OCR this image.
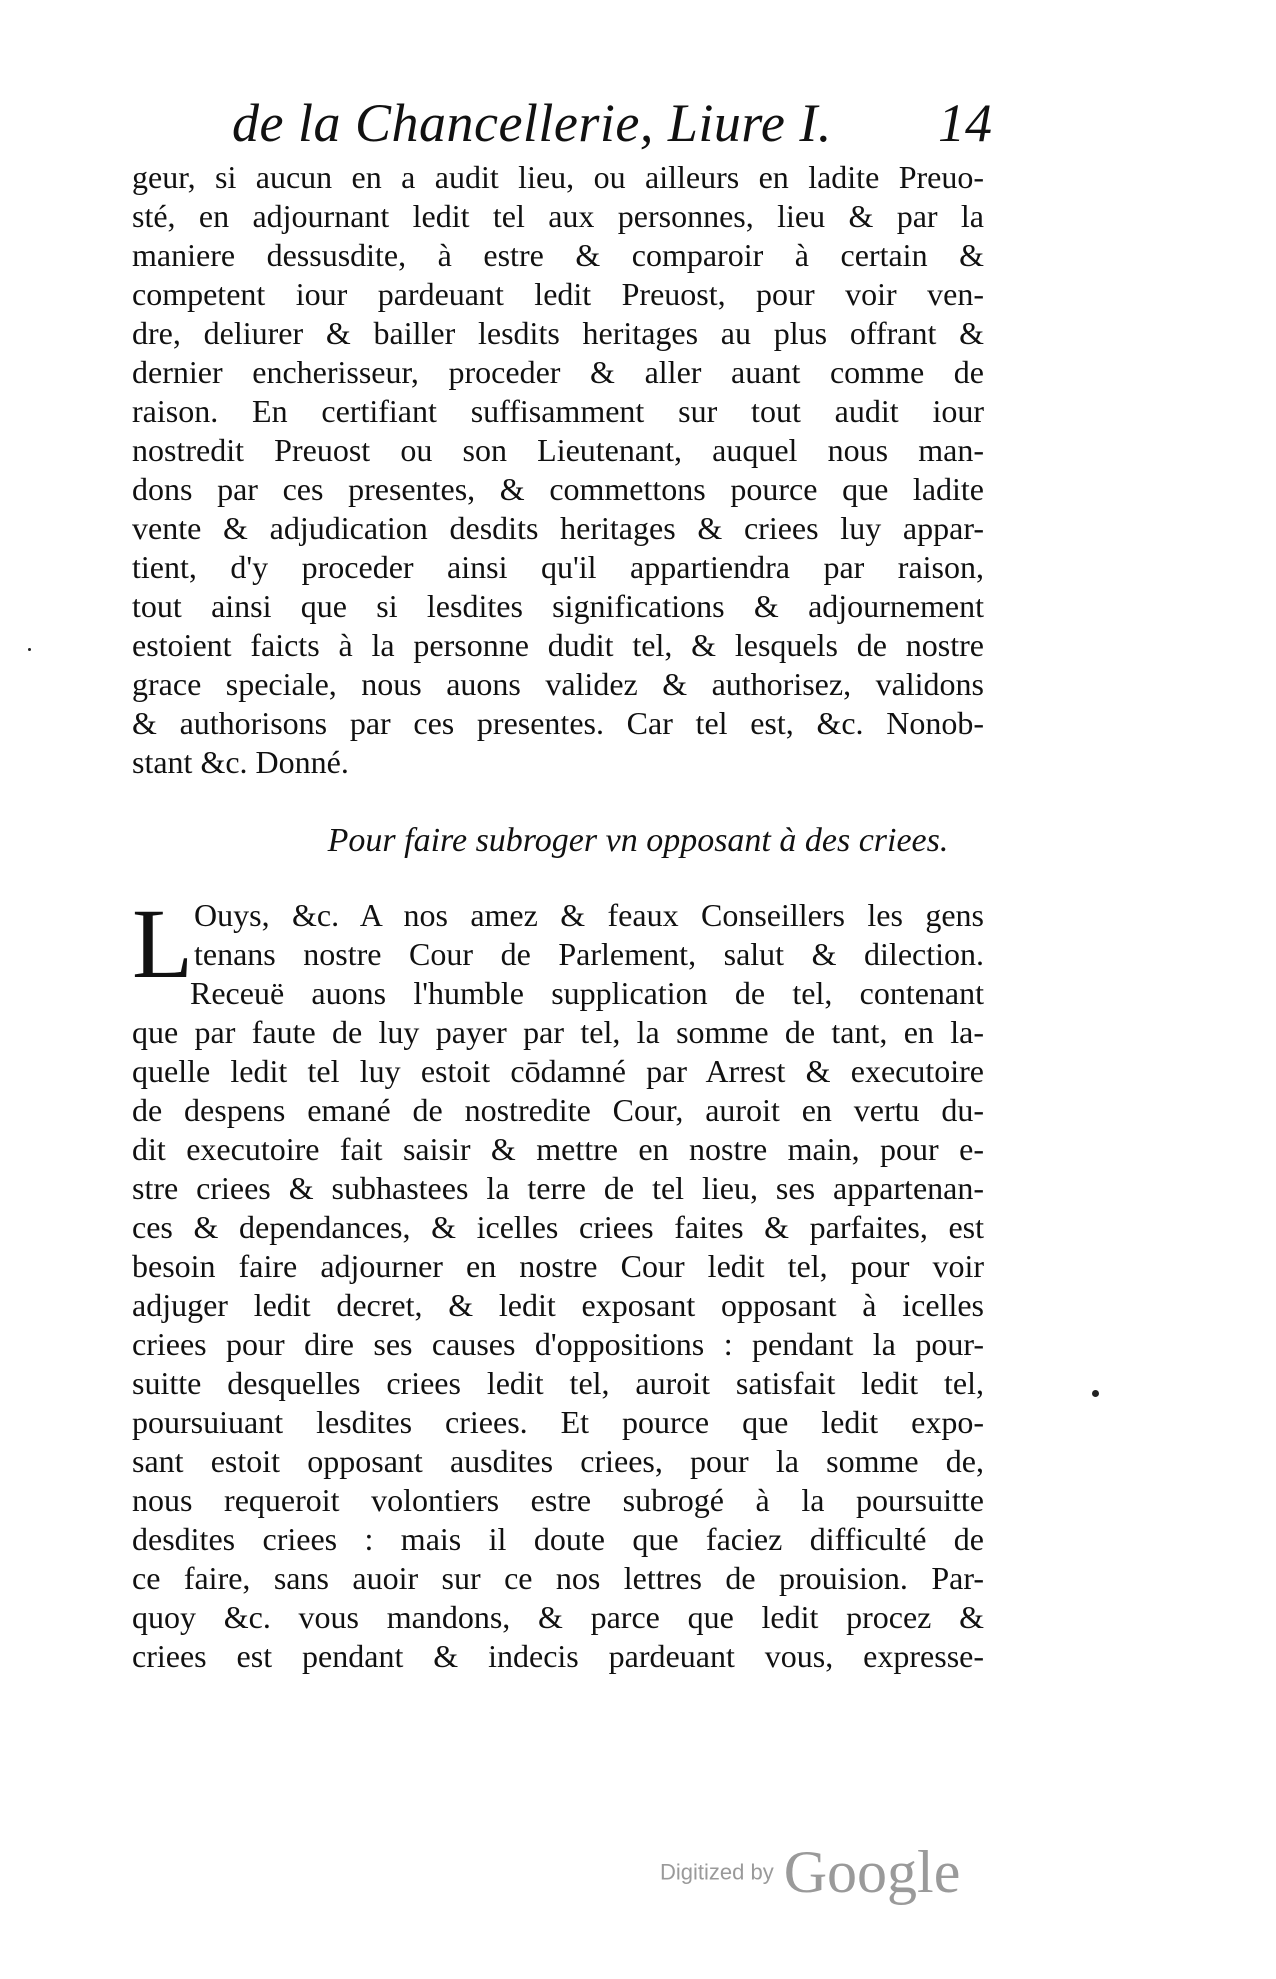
de la Chancellerie, Liure I. 14
geur, si aucun en a audit lieu, ou ailleurs en ladite Preuo-
sté, en adjournant ledit tel aux personnes, lieu & par la
maniere dessusdite, à estre & comparoir à certain &
competent iour pardeuant ledit Preuost, pour voir ven-
dre, deliurer & bailler lesdits heritages au plus offrant &
dernier encherisseur, proceder & aller auant comme de
raison. En certifiant suffisamment sur tout audit iour
nostredit Preuost ou son Lieutenant, auquel nous man-
dons par ces presentes, & commettons pource que ladite
vente & adjudication desdits heritages & criees luy appar-
tient, d'y proceder ainsi qu'il appartiendra par raison,
tout ainsi que si lesdites significations & adjournement
estoient faicts à la personne dudit tel, & lesquels de nostre
grace speciale, nous auons validez & authorisez, validons
& authorisons par ces presentes. Car tel est, &c. Nonob-
stant &c. Donné.
Pour faire subroger vn opposant à des criees.
L Ouys, &c. A nos amez & feaux Conseillers les gens
tenans nostre Cour de Parlement, salut & dilection.
Receuë auons l'humble supplication de tel, contenant
que par faute de luy payer par tel, la somme de tant, en la-
quelle ledit tel luy estoit cōdamné par Arrest & executoire
de despens emané de nostredite Cour, auroit en vertu du-
dit executoire fait saisir & mettre en nostre main, pour e-
stre criees & subhastees la terre de tel lieu, ses appartenan-
ces & dependances, & icelles criees faites & parfaites, est
besoin faire adjourner en nostre Cour ledit tel, pour voir
adjuger ledit decret, & ledit exposant opposant à icelles
criees pour dire ses causes d'oppositions : pendant la pour-
suitte desquelles criees ledit tel, auroit satisfait ledit tel,
poursuiuant lesdites criees. Et pource que ledit expo-
sant estoit opposant ausdites criees, pour la somme de,
nous requeroit volontiers estre subrogé à la poursuitte
desdites criees : mais il doute que faciez difficulté de
ce faire, sans auoir sur ce nos lettres de prouision. Par-
quoy &c. vous mandons, & parce que ledit procez &
criees est pendant & indecis pardeuant vous, expresse-
Digitized by Google
